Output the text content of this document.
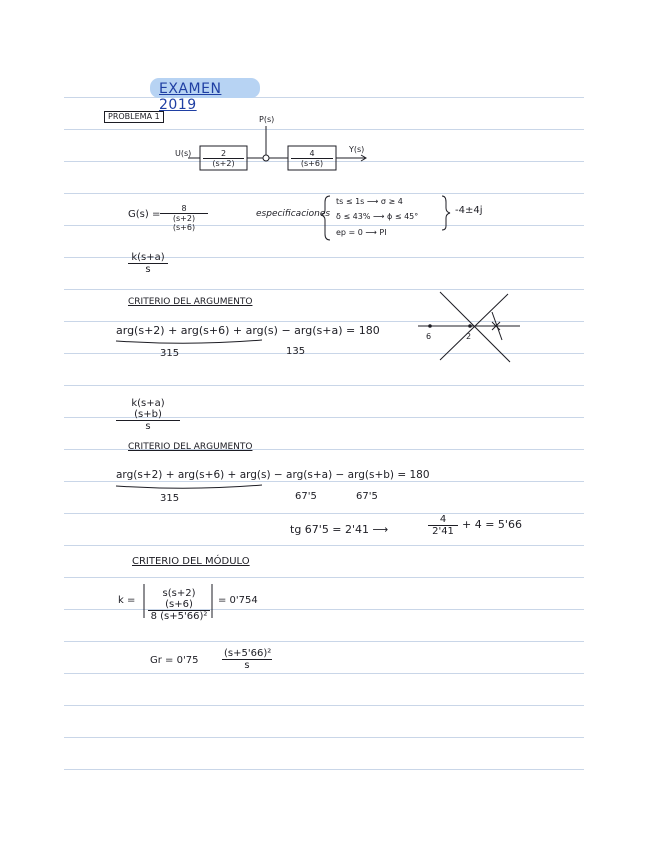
EXAMEN 2019
PROBLEMA 1
U(s)
P(s)
Y(s)
$\frac{2}{(s+2)}$	$\frac{4}{(s+6)}$
$G(s) = \frac{8}{(s+2)(s+6)}$	especificaciones
ts ≤ 1s ⟶ σ ≥ 4
δ ≤ 43% ⟶ ϕ ≤ 45°
ep = 0 ⟶ PI
-4±4j
$\frac{k(s+a)}{s}$
CRITERIO DEL ARGUMENTO
arg(s+2) + arg(s+6) + arg(s) − arg(s+a) = 180
315	135
6	2
$\frac{k(s+a)(s+b)}{s}$
CRITERIO DEL ARGUMENTO
arg(s+2) + arg(s+6) + arg(s) − arg(s+a) − arg(s+b) = 180
315	67'5	67'5
tg 67'5 = 2'41 ⟶	$\frac{4}{2'41} + 4 = 5'66$
CRITERIO DEL MÓDULO
$k = \frac{s(s+2)(s+6)}{\text{8 (s+5'66)²}} = 0'754$
$Gr = 0'75 \frac{\text{(s+5'66)²}}{s}$
